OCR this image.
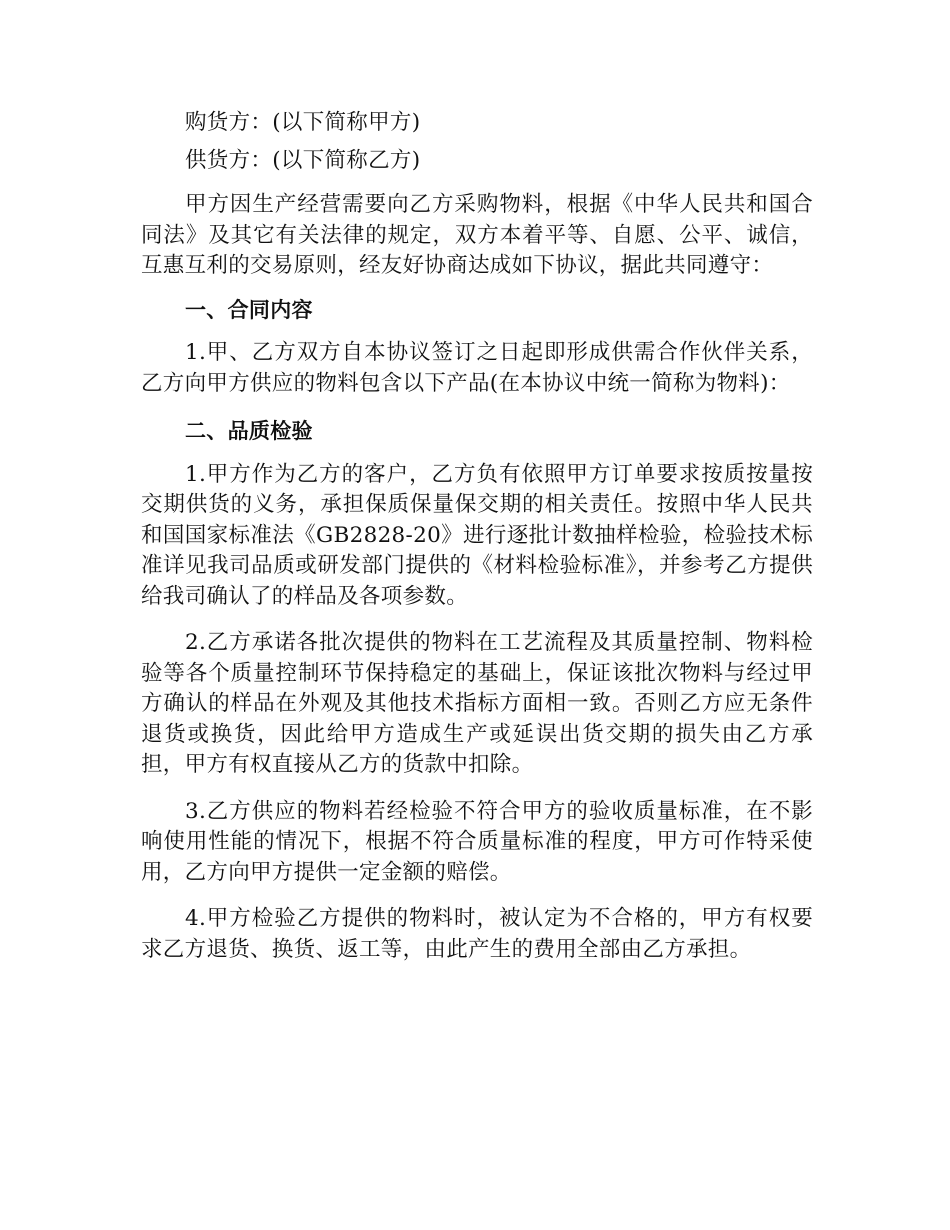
购货方：(以下简称甲方)

供货方：(以下简称乙方)

甲方因生产经营需要向乙方采购物料，根据《中华人民共和国合同法》及其它有关法律的规定，双方本着平等、自愿、公平、诚信，互惠互利的交易原则，经友好协商达成如下协议，据此共同遵守：

一、合同内容

1.甲、乙方双方自本协议签订之日起即形成供需合作伙伴关系，乙方向甲方供应的物料包含以下产品(在本协议中统一简称为物料)：

二、品质检验

1.甲方作为乙方的客户，乙方负有依照甲方订单要求按质按量按交期供货的义务，承担保质保量保交期的相关责任。按照中华人民共和国国家标准法《GB2828-20》进行逐批计数抽样检验，检验技术标准详见我司品质或研发部门提供的《材料检验标准》，并参考乙方提供给我司确认了的样品及各项参数。

2.乙方承诺各批次提供的物料在工艺流程及其质量控制、物料检验等各个质量控制环节保持稳定的基础上，保证该批次物料与经过甲方确认的样品在外观及其他技术指标方面相一致。否则乙方应无条件退货或换货，因此给甲方造成生产或延误出货交期的损失由乙方承担，甲方有权直接从乙方的货款中扣除。

3.乙方供应的物料若经检验不符合甲方的验收质量标准，在不影响使用性能的情况下，根据不符合质量标准的程度，甲方可作特采使用，乙方向甲方提供一定金额的赔偿。

4.甲方检验乙方提供的物料时，被认定为不合格的，甲方有权要求乙方退货、换货、返工等，由此产生的费用全部由乙方承担。
